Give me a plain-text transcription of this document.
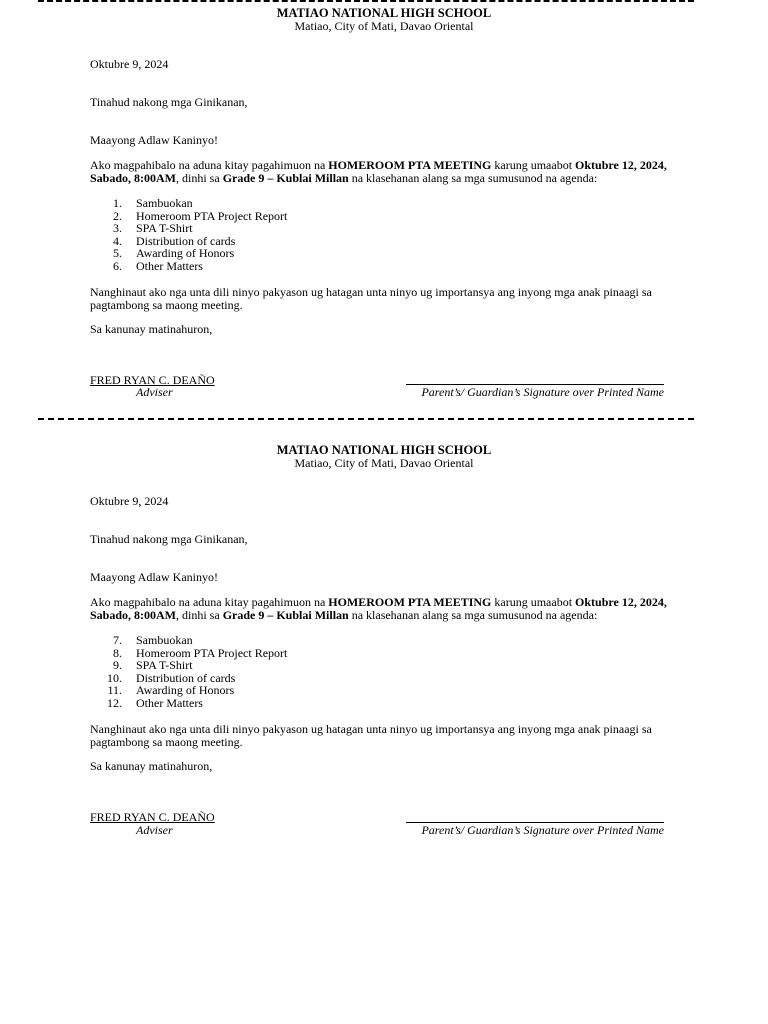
MATIAO NATIONAL HIGH SCHOOL
Matiao, City of Mati, Davao Oriental
Oktubre 9, 2024
Tinahud nakong mga Ginikanan,
Maayong Adlaw Kaninyo!
Ako magpahibalo na aduna kitay pagahimuon na HOMEROOM PTA MEETING karung umaabot Oktubre 12, 2024, Sabado, 8:00AM, dinhi sa Grade 9 – Kublai Millan na klasehanan alang sa mga sumusunod na agenda:
1. Sambuokan
2. Homeroom PTA Project Report
3. SPA T-Shirt
4. Distribution of cards
5. Awarding of Honors
6. Other Matters
Nanghinaut ako nga unta dili ninyo pakyason ug hatagan unta ninyo ug importansya ang inyong mga anak pinaagi sa pagtambong sa maong meeting.
Sa kanunay matinahuron,
FRED RYAN C. DEAÑO
Adviser	Parent’s/ Guardian’s Signature over Printed Name
MATIAO NATIONAL HIGH SCHOOL
Matiao, City of Mati, Davao Oriental
Oktubre 9, 2024
Tinahud nakong mga Ginikanan,
Maayong Adlaw Kaninyo!
Ako magpahibalo na aduna kitay pagahimuon na HOMEROOM PTA MEETING karung umaabot Oktubre 12, 2024, Sabado, 8:00AM, dinhi sa Grade 9 – Kublai Millan na klasehanan alang sa mga sumusunod na agenda:
7. Sambuokan
8. Homeroom PTA Project Report
9. SPA T-Shirt
10. Distribution of cards
11. Awarding of Honors
12. Other Matters
Nanghinaut ako nga unta dili ninyo pakyason ug hatagan unta ninyo ug importansya ang inyong mga anak pinaagi sa pagtambong sa maong meeting.
Sa kanunay matinahuron,
FRED RYAN C. DEAÑO
Adviser	Parent’s/ Guardian’s Signature over Printed Name
